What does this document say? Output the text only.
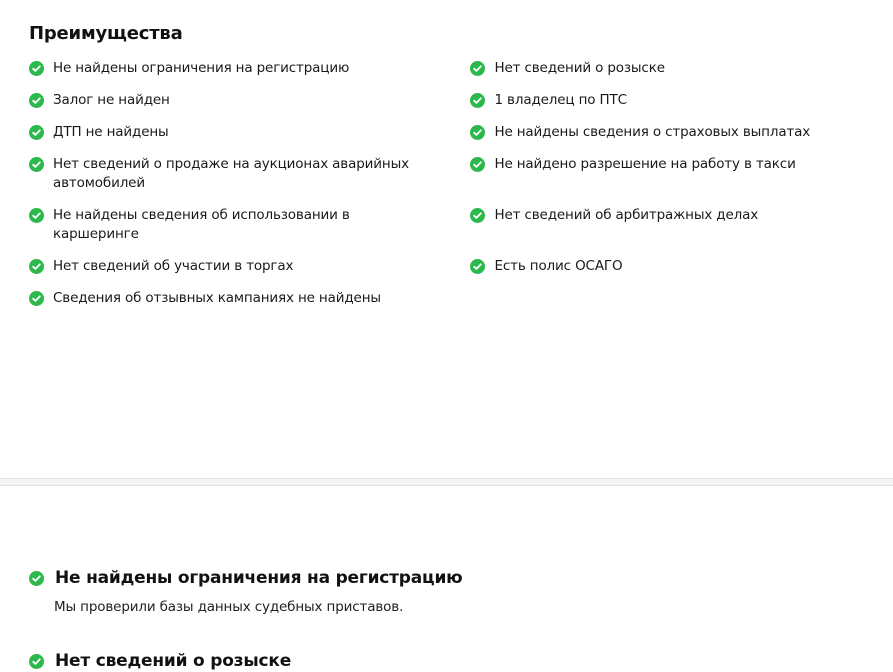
Преимущества
Не найдены ограничения на регистрацию
Залог не найден
ДТП не найдены
Нет сведений о продаже на аукционах аварийных автомобилей
Не найдены сведения об использовании в каршеринге
Нет сведений об участии в торгах
Сведения об отзывных кампаниях не найдены
Нет сведений о розыске
1 владелец по ПТС
Не найдены сведения о страховых выплатах
Не найдено разрешение на работу в такси
Нет сведений об арбитражных делах
Есть полис ОСАГО
Не найдены ограничения на регистрацию
Мы проверили базы данных судебных приставов.
Нет сведений о розыске
